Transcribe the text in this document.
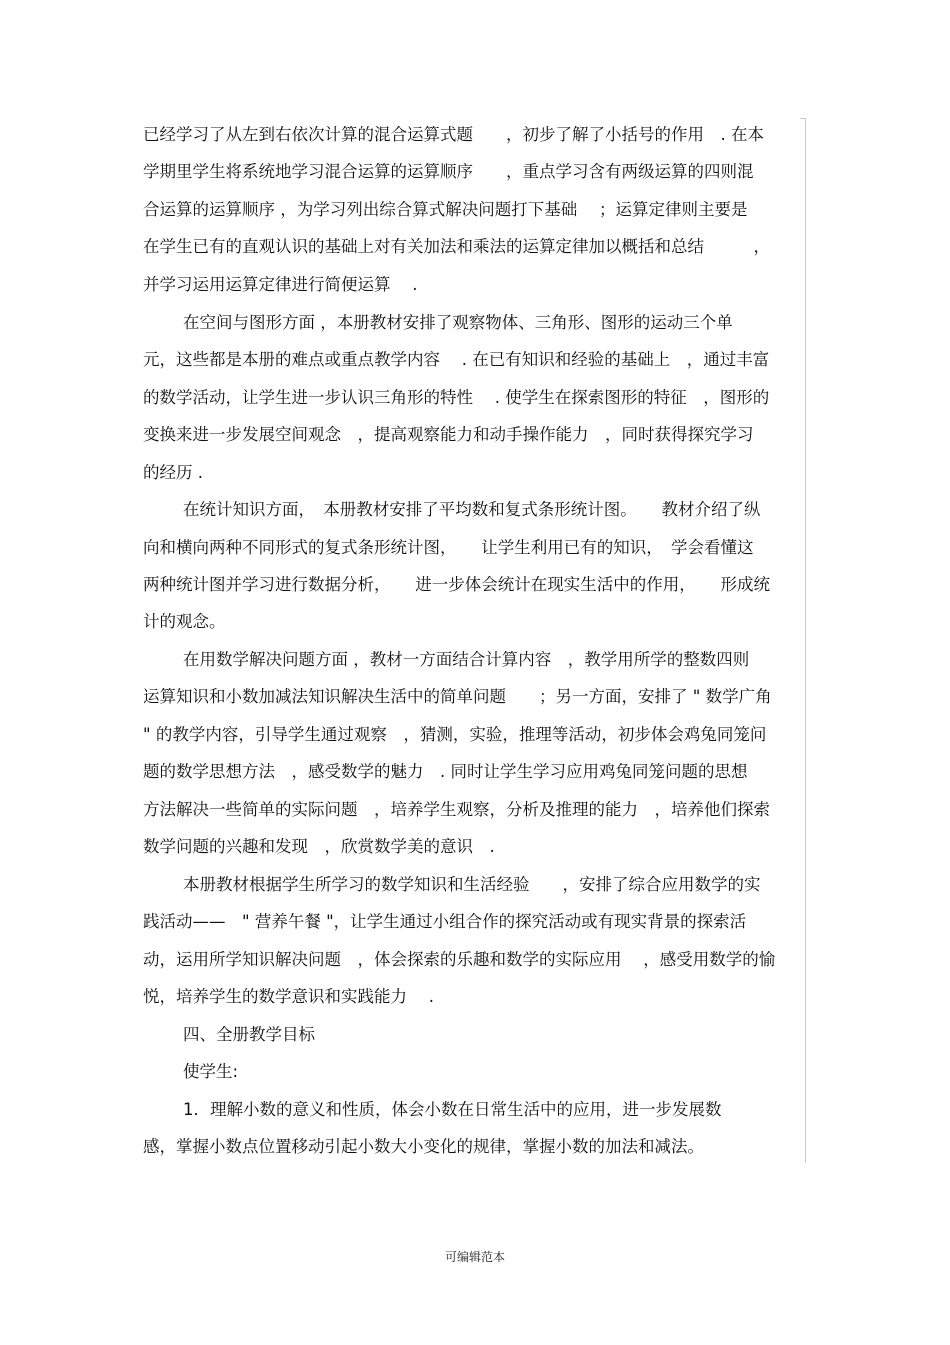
已经学习了从左到右依次计算的混合运算式题　　，初步了解了小括号的作用　. 在本
学期里学生将系统地学习混合运算的运算顺序　　，重点学习含有两级运算的四则混
合运算的运算顺序 ，为学习列出综合算式解决问题打下基础　 ；运算定律则主要是
在学生已有的直观认识的基础上对有关加法和乘法的运算定律加以概括和总结　　　，
并学习运用运算定律进行简便运算　 .
在空间与图形方面 ，本册教材安排了观察物体、三角形、图形的运动三个单
元，这些都是本册的难点或重点教学内容　 . 在已有知识和经验的基础上　，通过丰富
的数学活动，让学生进一步认识三角形的特性　 . 使学生在探索图形的特征　，图形的
变换来进一步发展空间观念　，提高观察能力和动手操作能力　，同时获得探究学习
的经历 .
在统计知识方面，　本册教材安排了平均数和复式条形统计图。　　教材介绍了纵
向和横向两种不同形式的复式条形统计图，　　让学生利用已有的知识，　学会看懂这
两种统计图并学习进行数据分析，　　进一步体会统计在现实生活中的作用，　　形成统
计的观念。
在用数学解决问题方面 ，教材一方面结合计算内容　，教学用所学的整数四则
运算知识和小数加减法知识解决生活中的简单问题　　；另一方面，安排了 " 数学广角
" 的教学内容，引导学生通过观察　，猜测，实验，推理等活动，初步体会鸡兔同笼问
题的数学思想方法　，感受数学的魅力　. 同时让学生学习应用鸡兔同笼问题的思想
方法解决一些简单的实际问题　，培养学生观察，分析及推理的能力　，培养他们探索
数学问题的兴趣和发现　，欣赏数学美的意识　.
本册教材根据学生所学习的数学知识和生活经验　　，安排了综合应用数学的实
践活动——　" 营养午餐 "，让学生通过小组合作的探究活动或有现实背景的探索活
动，运用所学知识解决问题　，体会探索的乐趣和数学的实际应用　 ，感受用数学的愉
悦，培养学生的数学意识和实践能力　 .
四、全册教学目标
使学生:
1．理解小数的意义和性质，体会小数在日常生活中的应用，进一步发展数
感，掌握小数点位置移动引起小数大小变化的规律，掌握小数的加法和减法。
可编辑范本
